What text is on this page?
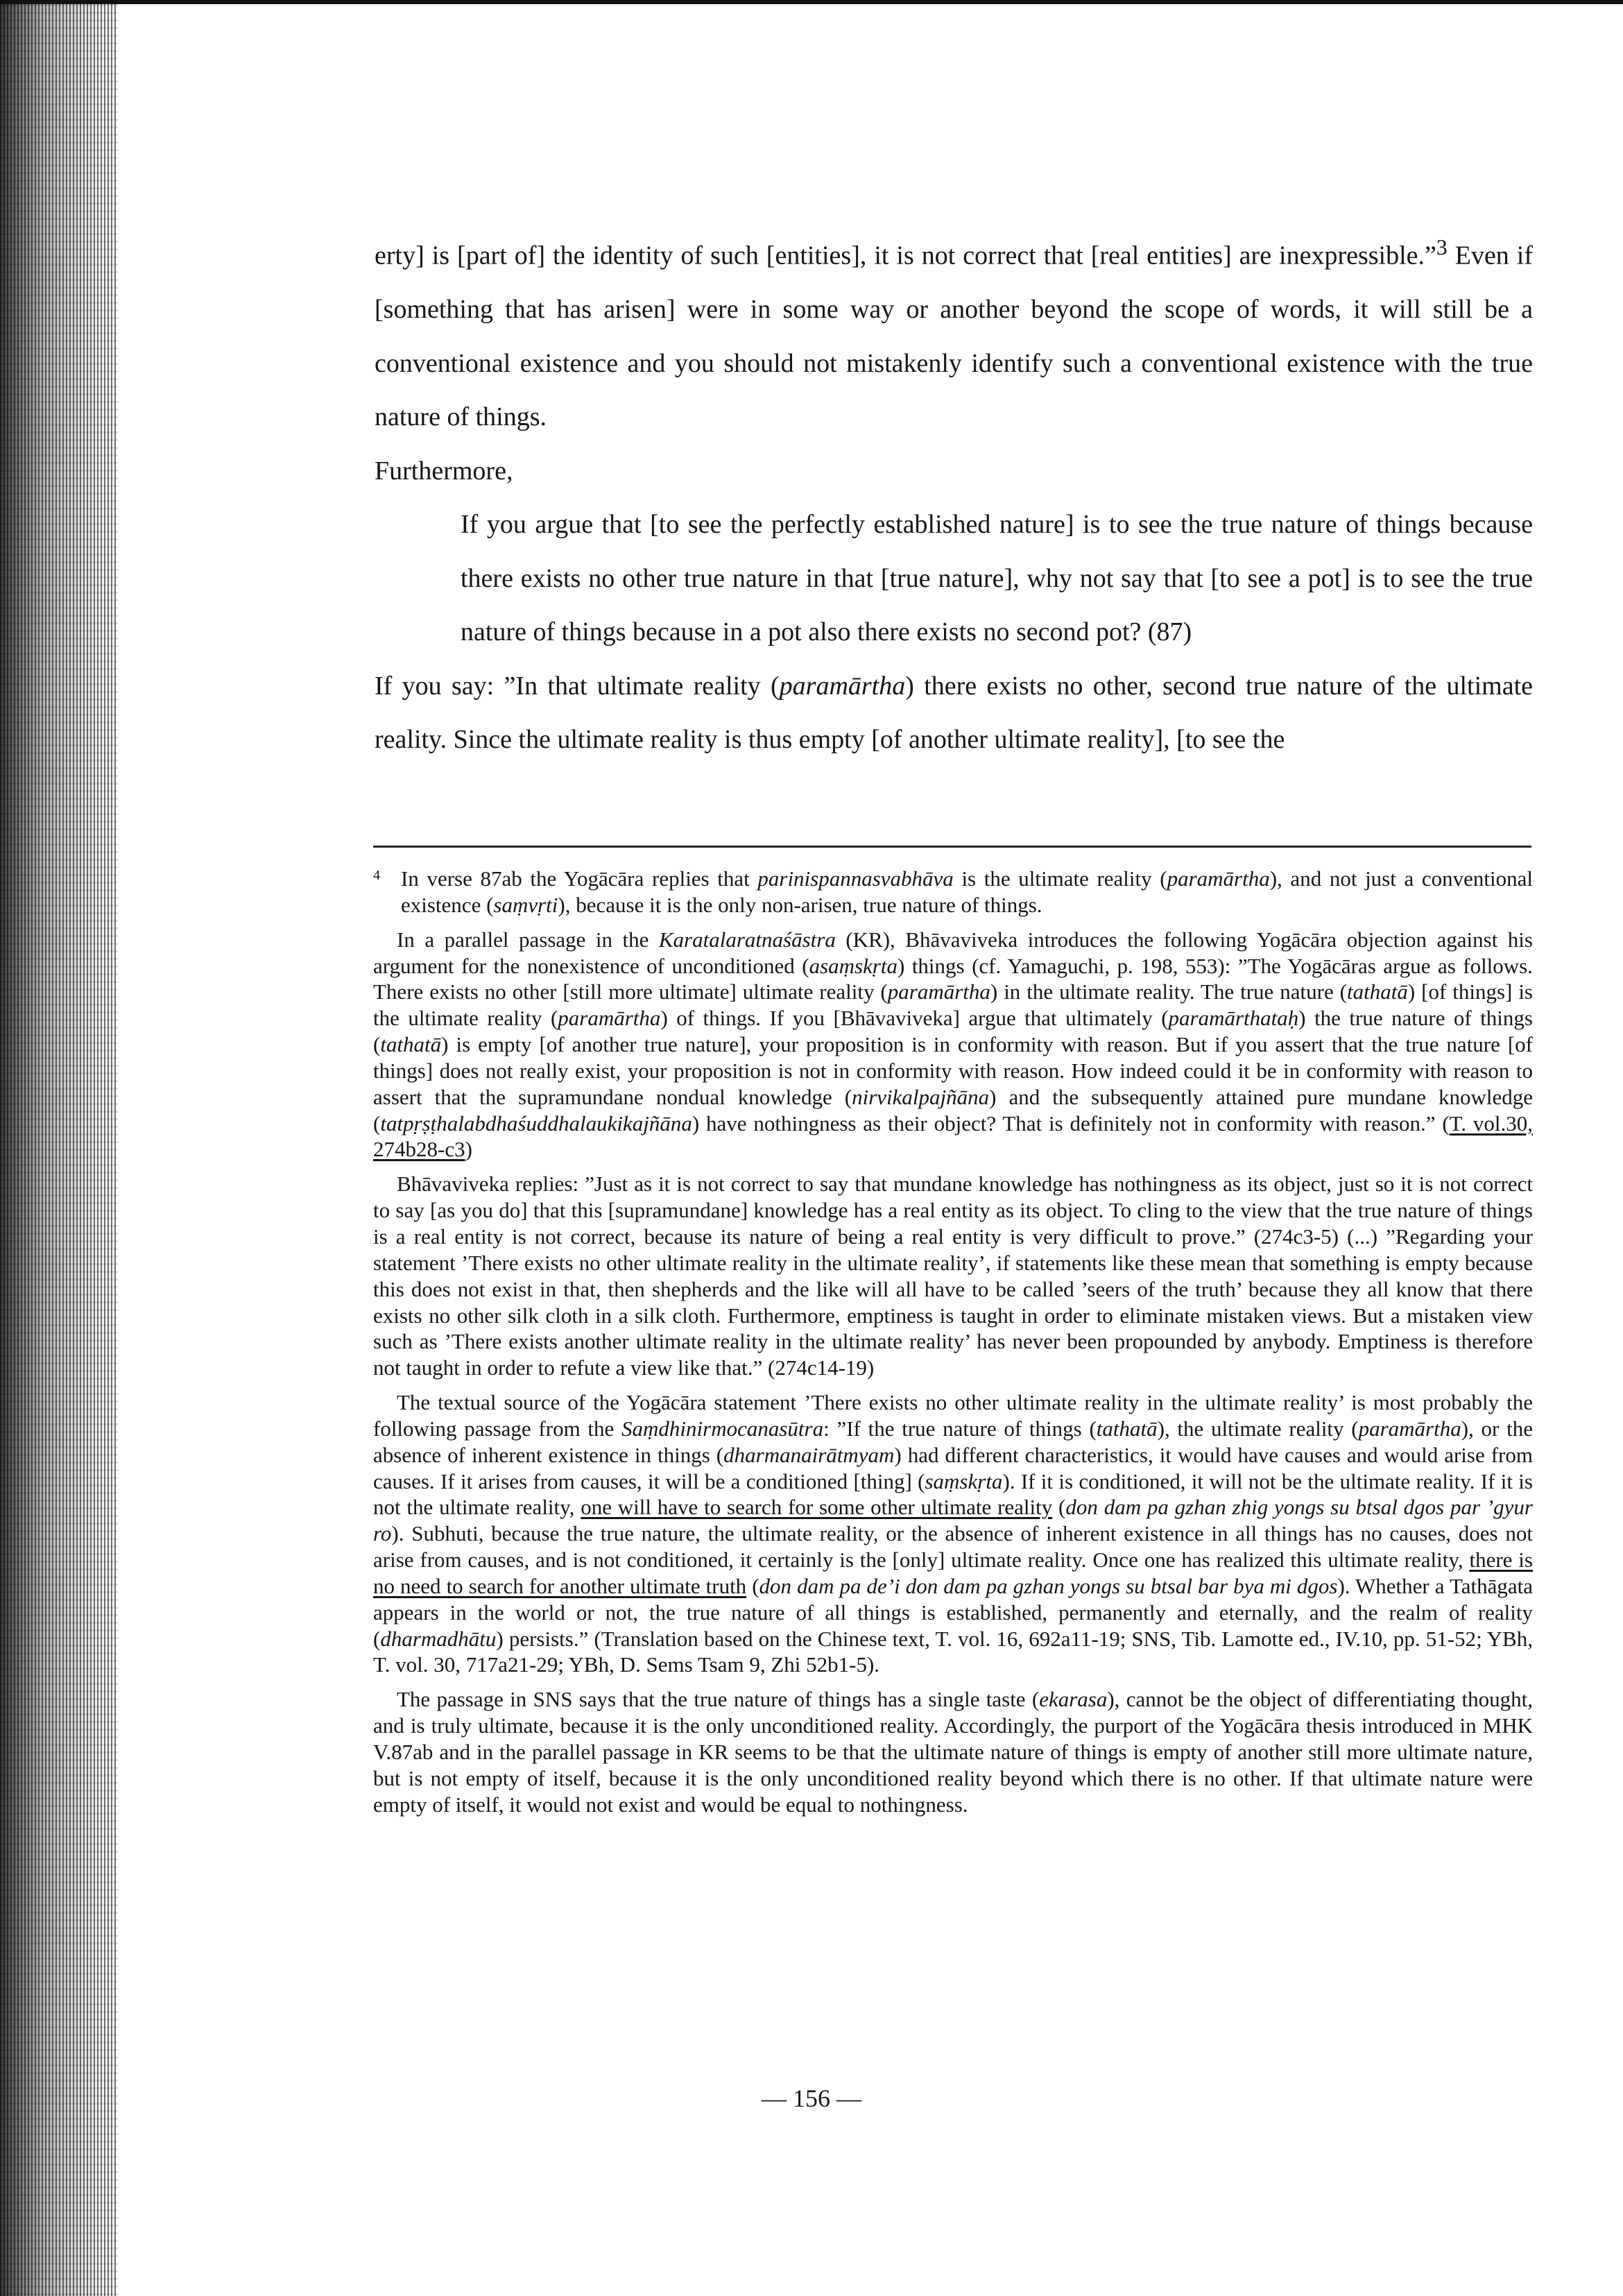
erty] is [part of] the identity of such [entities], it is not correct that [real entities] are inexpressible.”$^3$ Even if [something that has arisen] were in some way or another beyond the scope of words, it will still be a conventional existence and you should not mistakenly identify such a conventional existence with the true nature of things.

Furthermore,

If you argue that [to see the perfectly established nature] is to see the true nature of things because there exists no other true nature in that [true nature], why not say that [to see a pot] is to see the true nature of things because in a pot also there exists no second pot? (87)

If you say: ”In that ultimate reality (paramārtha) there exists no other, second true nature of the ultimate reality. Since the ultimate reality is thus empty [of another ultimate reality], [to see the

4 In verse 87ab the Yogācāra replies that parinispannasvabhāva is the ultimate reality (paramārtha), and not just a conventional existence (saṃvṛti), because it is the only non-arisen, true nature of things.

In a parallel passage in the Karatalaratnaśāstra (KR), Bhāvaviveka introduces the following Yogācāra objection against his argument for the nonexistence of unconditioned (asaṃskṛta) things (cf. Yamaguchi, p. 198, 553): ”The Yogācāras argue as follows. There exists no other [still more ultimate] ultimate reality (paramārtha) in the ultimate reality. The true nature (tathatā) [of things] is the ultimate reality (paramārtha) of things. If you [Bhāvaviveka] argue that ultimately (paramārthataḥ) the true nature of things (tathatā) is empty [of another true nature], your proposition is in conformity with reason. But if you assert that the true nature [of things] does not really exist, your proposition is not in conformity with reason. How indeed could it be in conformity with reason to assert that the supramundane nondual knowledge (nirvikalpajñāna) and the subsequently attained pure mundane knowledge (tatpṛṣṭhalabdhaśuddhalaukikajñāna) have nothingness as their object? That is definitely not in conformity with reason.” (T. vol.30, 274b28-c3)

Bhāvaviveka replies: ”Just as it is not correct to say that mundane knowledge has nothingness as its object, just so it is not correct to say [as you do] that this [supramundane] knowledge has a real entity as its object. To cling to the view that the true nature of things is a real entity is not correct, because its nature of being a real entity is very difficult to prove.” (274c3-5) (...) ”Regarding your statement ’There exists no other ultimate reality in the ultimate reality’, if statements like these mean that something is empty because this does not exist in that, then shepherds and the like will all have to be called ’seers of the truth’ because they all know that there exists no other silk cloth in a silk cloth. Furthermore, emptiness is taught in order to eliminate mistaken views. But a mistaken view such as ’There exists another ultimate reality in the ultimate reality’ has never been propounded by anybody. Emptiness is therefore not taught in order to refute a view like that.” (274c14-19)

The textual source of the Yogācāra statement ’There exists no other ultimate reality in the ultimate reality’ is most probably the following passage from the Saṃdhinirmocanasūtra: ”If the true nature of things (tathatā), the ultimate reality (paramārtha), or the absence of inherent existence in things (dharmanairātmyam) had different characteristics, it would have causes and would arise from causes. If it arises from causes, it will be a conditioned [thing] (saṃskṛta). If it is conditioned, it will not be the ultimate reality. If it is not the ultimate reality, one will have to search for some other ultimate reality (don dam pa gzhan zhig yongs su btsal dgos par ’gyur ro). Subhuti, because the true nature, the ultimate reality, or the absence of inherent existence in all things has no causes, does not arise from causes, and is not conditioned, it certainly is the [only] ultimate reality. Once one has realized this ultimate reality, there is no need to search for another ultimate truth (don dam pa de’i don dam pa gzhan yongs su btsal bar bya mi dgos). Whether a Tathāgata appears in the world or not, the true nature of all things is established, permanently and eternally, and the realm of reality (dharmadhātu) persists.” (Translation based on the Chinese text, T. vol. 16, 692a11-19; SNS, Tib. Lamotte ed., IV.10, pp. 51-52; YBh, T. vol. 30, 717a21-29; YBh, D. Sems Tsam 9, Zhi 52b1-5).

The passage in SNS says that the true nature of things has a single taste (ekarasa), cannot be the object of differentiating thought, and is truly ultimate, because it is the only unconditioned reality. Accordingly, the purport of the Yogācāra thesis introduced in MHK V.87ab and in the parallel passage in KR seems to be that the ultimate nature of things is empty of another still more ultimate nature, but is not empty of itself, because it is the only unconditioned reality beyond which there is no other. If that ultimate nature were empty of itself, it would not exist and would be equal to nothingness.

— 156 —
